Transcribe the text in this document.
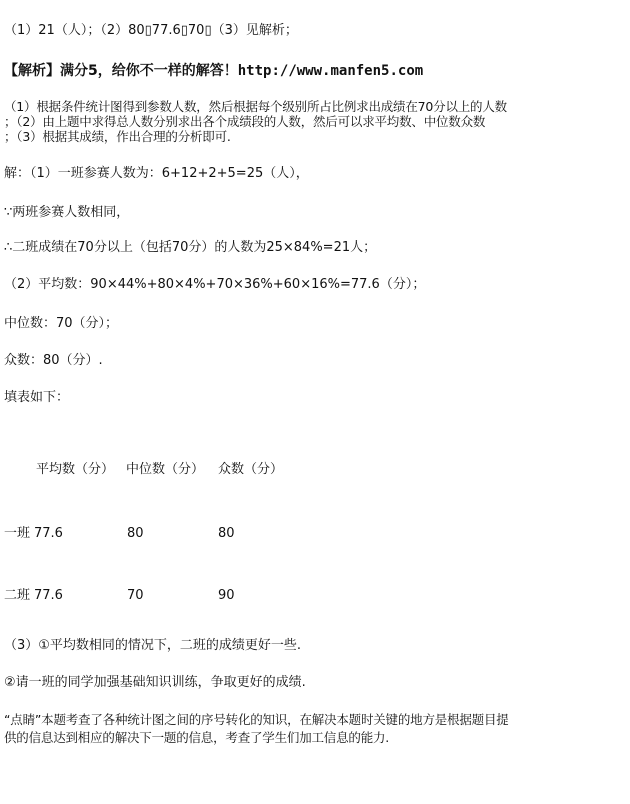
（1）21（人）；（2）80▯77.6▯70▯（3）见解析；
【解析】满分5，给你不一样的解答！http://www.manfen5.com
（1）根据条件统计图得到参数人数，然后根据每个级别所占比例求出成绩在70分以上的人数
；（2）由上题中求得总人数分别求出各个成绩段的人数，然后可以求平均数、中位数众数
；（3）根据其成绩，作出合理的分析即可.
解：（1）一班参赛人数为：6+12+2+5=25（人），
∵两班参赛人数相同，
∴二班成绩在70分以上（包括70分）的人数为25×84%=21人；
（2）平均数：90×44%+80×4%+70×36%+60×16%=77.6（分）；
中位数：70（分）；
众数：80（分）.
填表如下：
平均数（分） 中位数（分） 众数（分）
一班 77.6	80	80
二班 77.6	70	90
（3）①平均数相同的情况下，二班的成绩更好一些.
②请一班的同学加强基础知识训练，争取更好的成绩.
“点睛”本题考查了各种统计图之间的序号转化的知识，在解决本题时关键的地方是根据题目提
供的信息达到相应的解决下一题的信息，考查了学生们加工信息的能力.
